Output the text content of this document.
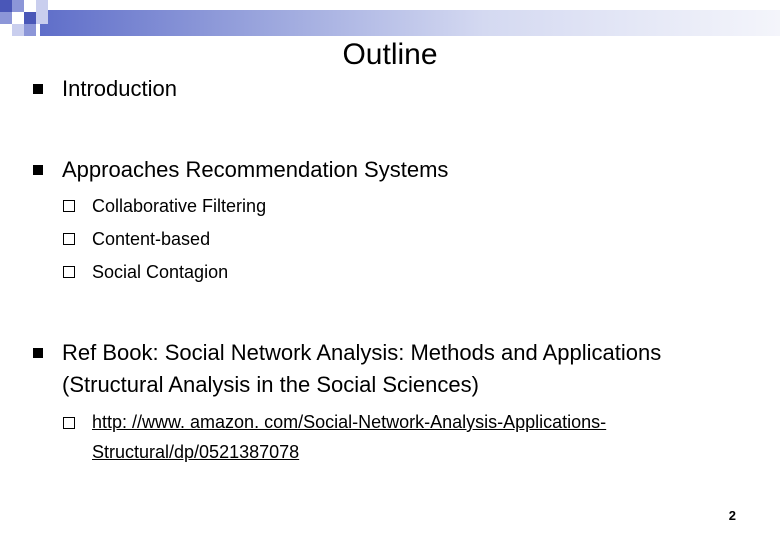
Outline
Introduction
Approaches Recommendation Systems
Collaborative Filtering
Content-based
Social Contagion
Ref Book: Social Network Analysis: Methods and Applications
(Structural Analysis in the Social Sciences)
http: //www. amazon. com/Social-Network-Analysis-Applications-
Structural/dp/0521387078
2
